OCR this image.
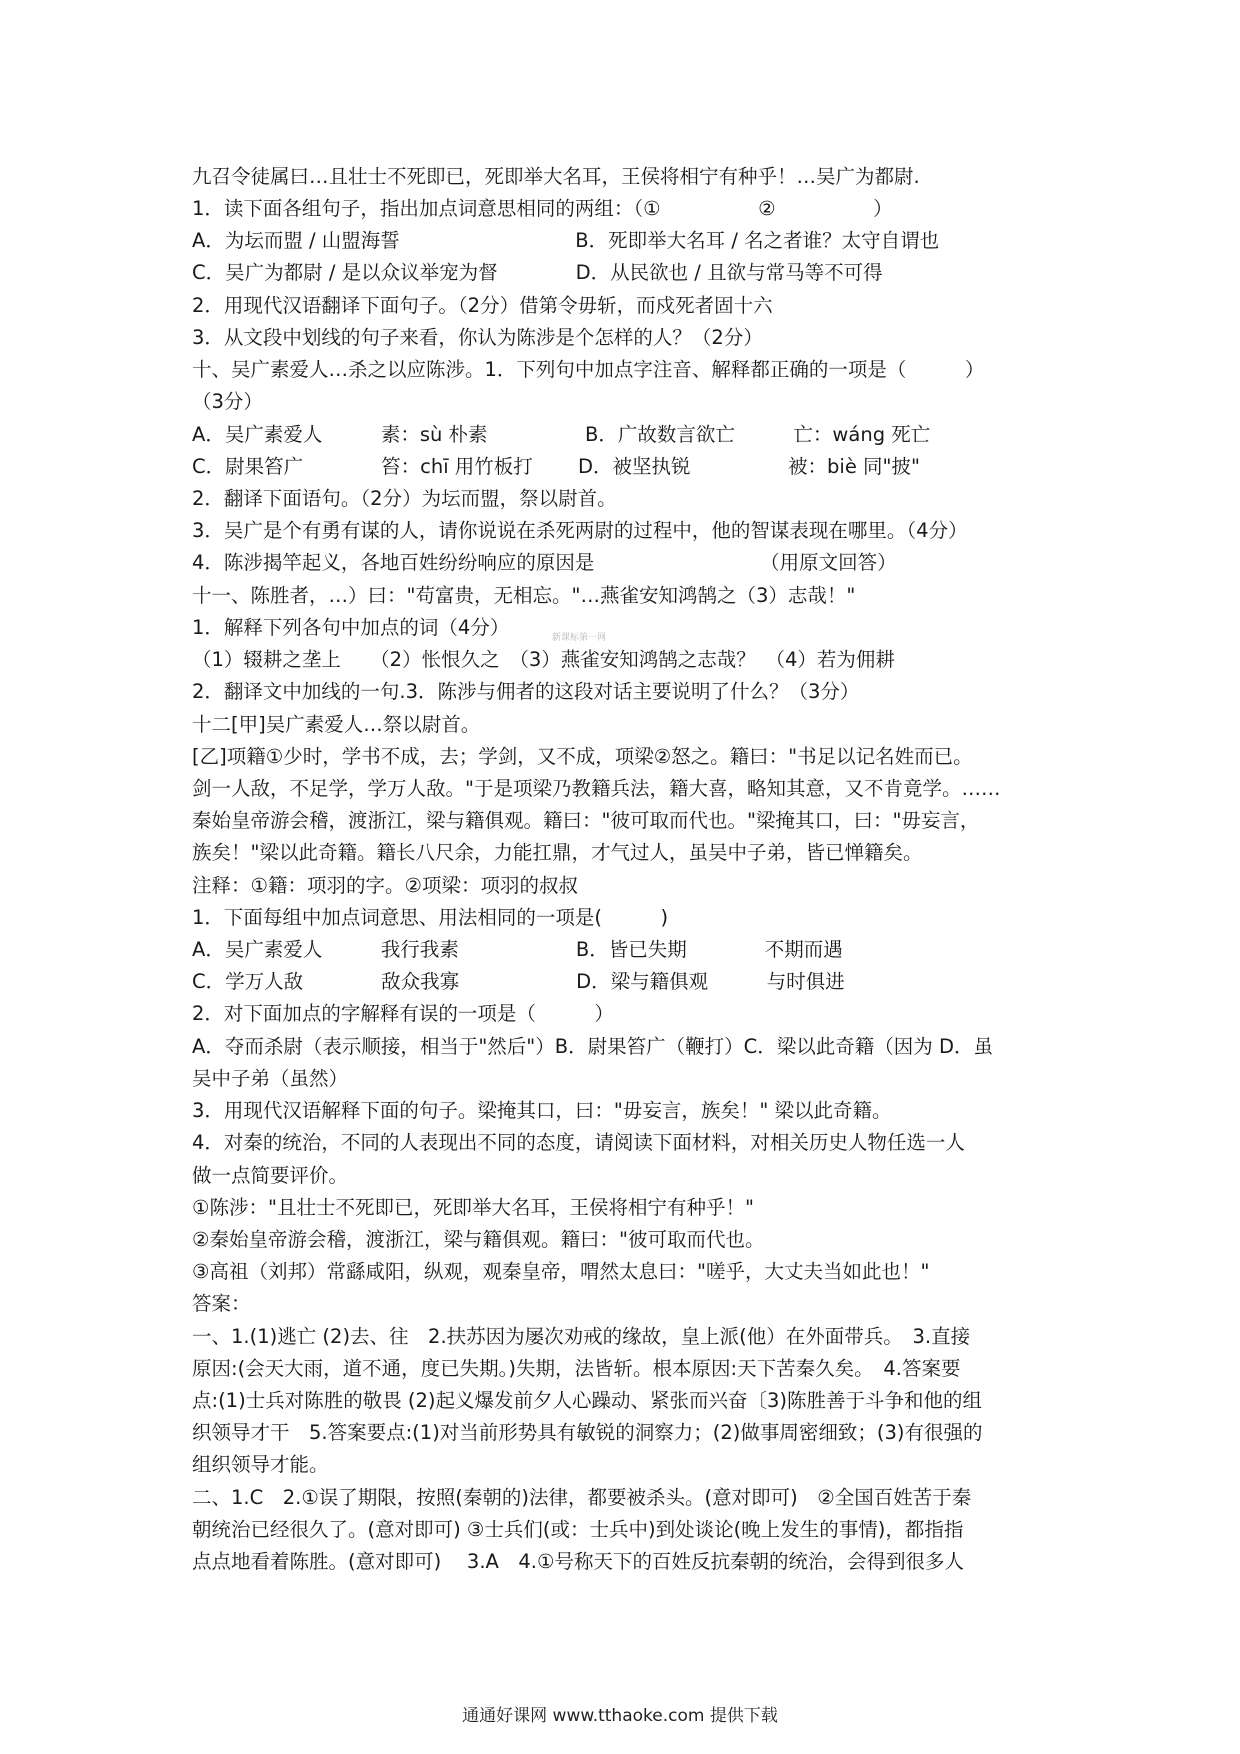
九召令徒属曰…且壮士不死即已，死即举大名耳，王侯将相宁有种乎！…吴广为都尉.
1．读下面各组句子，指出加点词意思相同的两组：（①　　　　　②　　　　　）
A．为坛而盟 / 山盟海誓　　　　　　　　　B．死即举大名耳 / 名之者谁？太守自谓也
C．吴广为都尉 / 是以众议举宠为督　　　　D．从民欲也 / 且欲与常马等不可得
2．用现代汉语翻译下面句子。（2分）借第令毋斩，而戍死者固十六
3．从文段中划线的句子来看，你认为陈涉是个怎样的人？（2分）
十、吴广素爱人…杀之以应陈涉。1．下列句中加点字注音、解释都正确的一项是（　　　）
（3分）
A．吴广素爱人　　　素：sù 朴素　　　　　B．广故数言欲亡　　　亡：wáng 死亡
C．尉果笞广　　　　笞：chī 用竹板打　　 D．被坚执锐　　　　　被：biè 同"披"
2．翻译下面语句。（2分）为坛而盟，祭以尉首。
3．吴广是个有勇有谋的人，请你说说在杀死两尉的过程中，他的智谋表现在哪里。（4分）
4．陈涉揭竿起义，各地百姓纷纷响应的原因是　　　　　　　　　（用原文回答）
十一、陈胜者，…）曰："苟富贵，无相忘。"…燕雀安知鸿鹄之（3）志哉！"
1．解释下列各句中加点的词（4分）
（1）辍耕之垄上　　（2）怅恨久之　（3）燕雀安知鸿鹄之志哉？　（4）若为佣耕
2．翻译文中加线的一句.3．陈涉与佣者的这段对话主要说明了什么？（3分）
十二[甲]吴广素爱人…祭以尉首。
[乙]项籍①少时，学书不成，去；学剑，又不成，项梁②怒之。籍曰："书足以记名姓而已。
剑一人敌，不足学，学万人敌。"于是项梁乃教籍兵法，籍大喜，略知其意，又不肯竟学。……
秦始皇帝游会稽，渡浙江，梁与籍俱观。籍曰："彼可取而代也。"梁掩其口，曰："毋妄言，
族矣！"梁以此奇籍。籍长八尺余，力能扛鼎，才气过人，虽吴中子弟，皆已惮籍矣。
注释：①籍：项羽的字。②项梁：项羽的叔叔
1．下面每组中加点词意思、用法相同的一项是(　　　)
A．吴广素爱人　　　我行我素　　　　　　B．皆已失期　　　　不期而遇
C．学万人敌　　　　敌众我寡　　　　　　D．梁与籍俱观　　　与时俱进
2．对下面加点的字解释有误的一项是（　　　）
A．夺而杀尉（表示顺接，相当于"然后"）B．尉果笞广（鞭打）C．梁以此奇籍（因为 D．虽
吴中子弟（虽然）
3．用现代汉语解释下面的句子。梁掩其口，曰："毋妄言，族矣！" 梁以此奇籍。
4．对秦的统治，不同的人表现出不同的态度，请阅读下面材料，对相关历史人物任选一人
做一点简要评价。
①陈涉："且壮士不死即已，死即举大名耳，王侯将相宁有种乎！"
②秦始皇帝游会稽，渡浙江，梁与籍俱观。籍曰："彼可取而代也。
③高祖（刘邦）常繇咸阳，纵观，观秦皇帝，喟然太息曰："嗟乎，大丈夫当如此也！"
答案：
一、1.(1)逃亡 (2)去、往　2.扶苏因为屡次劝戒的缘故，皇上派(他）在外面带兵。　3.直接
原因:(会天大雨，道不通，度已失期。)失期，法皆斩。根本原因:天下苦秦久矣。　4.答案要
点:(1)士兵对陈胜的敬畏 (2)起义爆发前夕人心躁动、紧张而兴奋〔3)陈胜善于斗争和他的组
织领导才干　5.答案要点:(1)对当前形势具有敏锐的洞察力；(2)做事周密细致；(3)有很强的
组织领导才能。
二、1.C　2.①误了期限，按照(秦朝的)法律，都要被杀头。(意对即可)　②全国百姓苦于秦
朝统治已经很久了。(意对即可) ③士兵们(或：士兵中)到处谈论(晚上发生的事情)，都指指
点点地看着陈胜。(意对即可)　 3.A　4.①号称天下的百姓反抗秦朝的统治，会得到很多人
新课标第一网
通通好课网 www.tthaoke.com 提供下载
